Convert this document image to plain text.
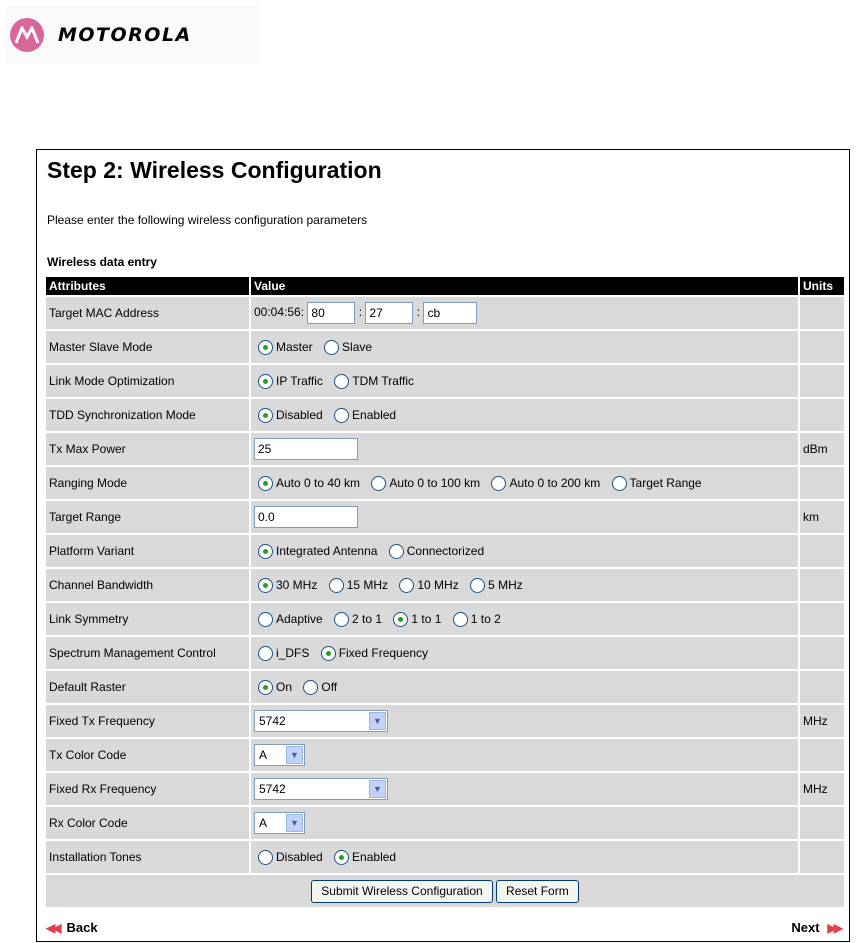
MOTOROLA
Step 2: Wireless Configuration
Please enter the following wireless configuration parameters
Wireless data entry
Attributes	Value	Units
Target MAC Address	00:04:56: 80 : 27 : cb	
Master Slave Mode	Master Slave	
Link Mode Optimization	IP Traffic TDM Traffic	
TDD Synchronization Mode	Disabled Enabled	
Tx Max Power	25	dBm
Ranging Mode	Auto 0 to 40 km Auto 0 to 100 km Auto 0 to 200 km Target Range	
Target Range	0.0	km
Platform Variant	Integrated Antenna Connectorized	
Channel Bandwidth	30 MHz 15 MHz 10 MHz 5 MHz	
Link Symmetry	Adaptive 2 to 1 1 to 1 1 to 2	
Spectrum Management Control	i_DFS Fixed Frequency	
Default Raster	On Off	
Fixed Tx Frequency	5742 ▼	MHz
Tx Color Code	A ▼	

Fixed Rx Frequency	5742 ▼	MHz
Rx Color Code	A ▼	

Installation Tones	Disabled Enabled	
Submit Wireless Configuration Reset Form		
◀◀ Back	Next ▶▶
